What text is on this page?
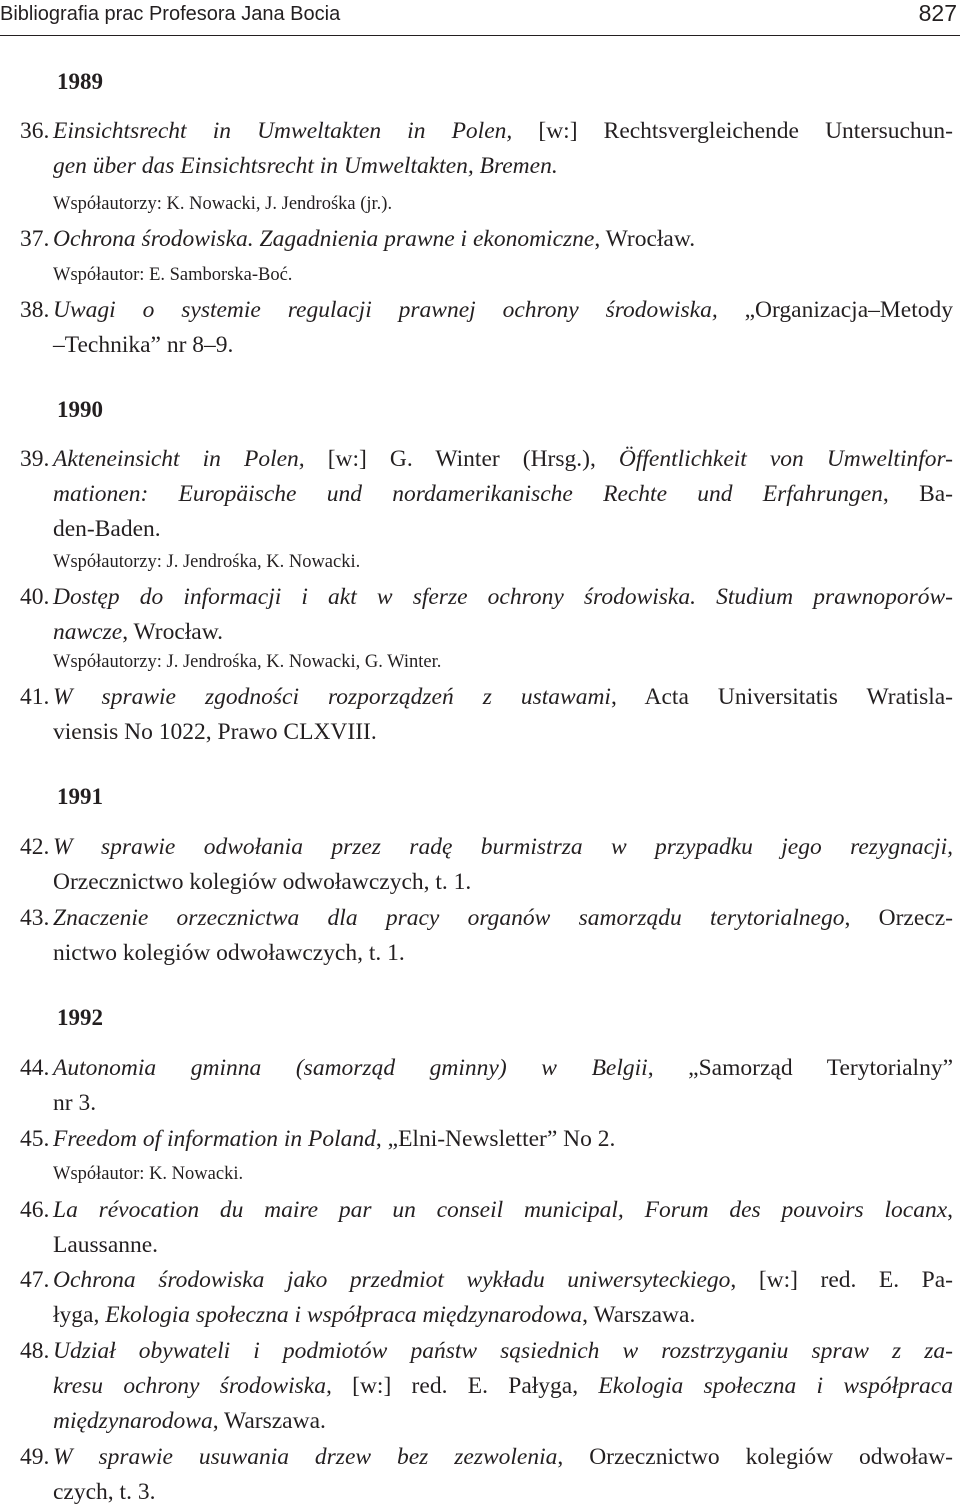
Bibliografia prac Profesora Jana Bocia	827
1989
36. Einsichtsrecht in Umweltakten in Polen, [w:] Rechtsvergleichende Untersuchun-
gen über das Einsichtsrecht in Umweltakten, Bremen.
Współautorzy: K. Nowacki, J. Jendrośka (jr.).
37. Ochrona środowiska. Zagadnienia prawne i ekonomiczne, Wrocław.
Współautor: E. Samborska-Boć.
38. Uwagi o systemie regulacji prawnej ochrony środowiska, „Organizacja–Metody
–Technika” nr 8–9.
1990
39. Akteneinsicht in Polen, [w:] G. Winter (Hrsg.), Öffentlichkeit von Umweltinfor-
mationen: Europäische und nordamerikanische Rechte und Erfahrungen, Ba-
den-Baden.
Współautorzy: J. Jendrośka, K. Nowacki.
40. Dostęp do informacji i akt w sferze ochrony środowiska. Studium prawnoporów-
nawcze, Wrocław.
Współautorzy: J. Jendrośka, K. Nowacki, G. Winter.
41. W sprawie zgodności rozporządzeń z ustawami, Acta Universitatis Wratisla-
viensis No 1022, Prawo CLXVIII.
1991
42. W sprawie odwołania przez radę burmistrza w przypadku jego rezygnacji,
Orzecznictwo kolegiów odwoławczych, t. 1.
43. Znaczenie orzecznictwa dla pracy organów samorządu terytorialnego, Orzecz-
nictwo kolegiów odwoławczych, t. 1.
1992
44. Autonomia gminna (samorząd gminny) w Belgii, „Samorząd Terytorialny”
nr 3.
45. Freedom of information in Poland, „Elni-Newsletter” No 2.
Współautor: K. Nowacki.
46. La révocation du maire par un conseil municipal, Forum des pouvoirs locanx,
Laussanne.
47. Ochrona środowiska jako przedmiot wykładu uniwersyteckiego, [w:] red. E. Pa-
łyga, Ekologia społeczna i współpraca międzynarodowa, Warszawa.
48. Udział obywateli i podmiotów państw sąsiednich w rozstrzyganiu spraw z za-
kresu ochrony środowiska, [w:] red. E. Pałyga, Ekologia społeczna i współpraca
międzynarodowa, Warszawa.
49. W sprawie usuwania drzew bez zezwolenia, Orzecznictwo kolegiów odwoław-
czych, t. 3.
